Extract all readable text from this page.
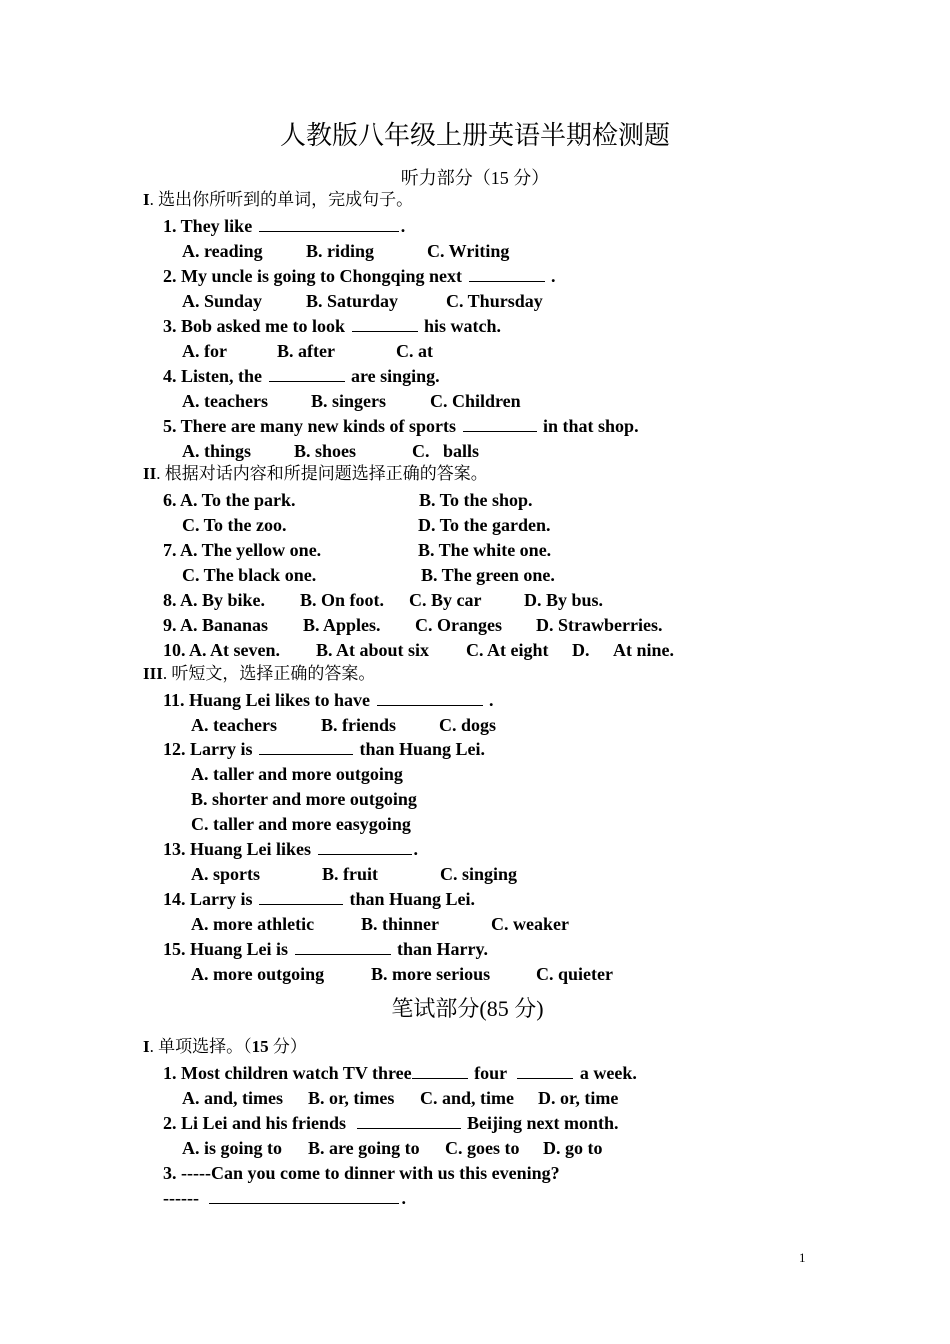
人教版八年级上册英语半期检测题
听力部分（15 分）
I. 选出你所听到的单词，完成句子。
1. They like	.
A. reading B. riding	C. Writing
2. My uncle is going to Chongqing next	.
A. Sunday B. Saturday	C. Thursday
3. Bob asked me to look	his watch.
A. for	B. after	C. at
4. Listen, the	are singing.
A. teachers B. singers C. Children
5. There are many new kinds of sports	in that shop.
A. things B. shoes	C.   balls
II. 根据对话内容和所提问题选择正确的答案。
6. A. To the park.	B. To the shop.
C. To the zoo.	D. To the garden.
7. A. The yellow one.	B. The white one.
C. The black one.	B. The green one.
8. A. By bike. B. On foot. C. By car D. By bus.
9. A. Bananas B. Apples. C. Oranges D. Strawberries.
10. A. At seven. B. At about six C. At eight D. At nine.
III. 听短文，选择正确的答案。
11. Huang Lei likes to have	.
A. teachers B. friends C. dogs
12. Larry is	than Huang Lei.
A. taller and more outgoing
B. shorter and more outgoing
C. taller and more easygoing
13. Huang Lei likes	.
A. sports	B. fruit	C. singing
14. Larry is	than Huang Lei.
A. more athletic	B. thinner	C. weaker
15. Huang Lei is	than Harry.
A. more outgoing	B. more serious	C. quieter
笔试部分(85 分)
I. 单项选择。（15 分）
1. Most children watch TV three	four	a week.
A. and, times B. or, times C. and, time D. or, time
2. Li Lei and his friends	Beijing next month.
A. is going to B. are going to C. goes to D. go to
3. -----Can you come to dinner with us this evening?
------	.
1
